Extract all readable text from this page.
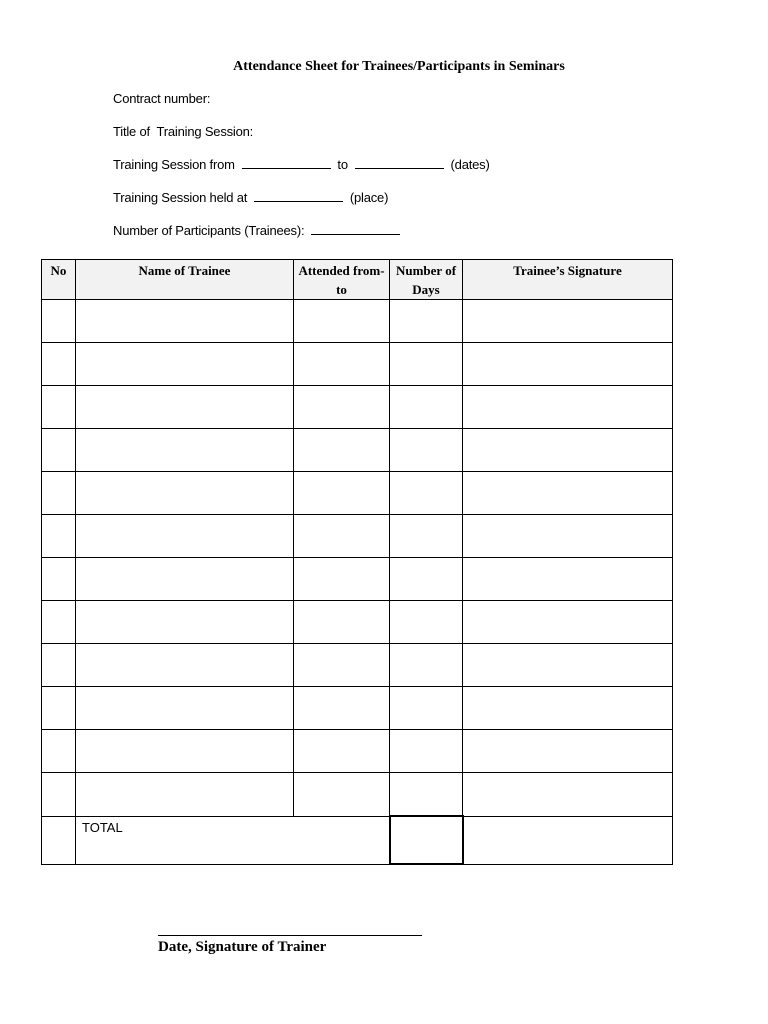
Attendance Sheet for Trainees/Participants in Seminars
Contract number:
Title of  Training Session:
Training Session from	to	(dates)
Training Session held at	(place)
Number of Participants (Trainees):
No	Name of Trainee	Attended from-to	Number of Days	Trainee’s Signature

	TOTAL			
Date, Signature of Trainer
